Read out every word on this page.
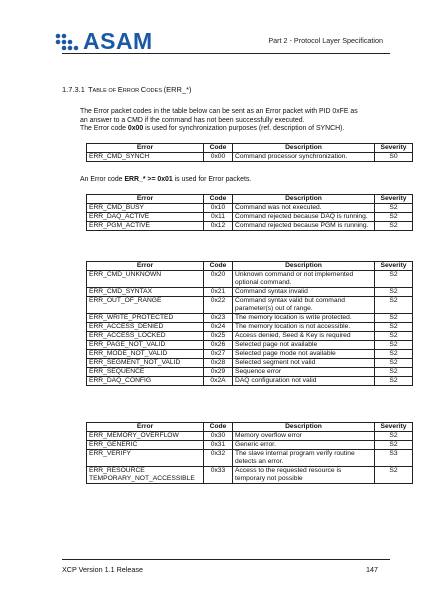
ASAM	Part 2 - Protocol Layer Specification
1.7.3.1 TABLE OF ERROR CODES (ERR_*)
The Error packet codes in the table below can be sent as an Error packet with PID 0xFE as
an answer to a CMD if the command has not been successfully executed.
The Error code 0x00 is used for synchronization purposes (ref. description of SYNCH).
Error	Code	Description	Severity
ERR_CMD_SYNCH	0x00	Command processor synchronization.	S0
An Error code ERR_* >= 0x01 is used for Error packets.
Error	Code	Description	Severity
ERR_CMD_BUSY	0x10	Command was not executed.	S2
ERR_DAQ_ACTIVE	0x11	Command rejected because DAQ is running.	S2
ERR_PGM_ACTIVE	0x12	Command rejected because PGM is running.	S2
Error	Code	Description	Severity
ERR_CMD_UNKNOWN	0x20	Unknown command or not implemented optional command.	S2
ERR_CMD_SYNTAX	0x21	Command syntax invalid	S2
ERR_OUT_OF_RANGE	0x22	Command syntax valid but command parameter(s) out of range.	S2
ERR_WRITE_PROTECTED	0x23	The memory location is write protected.	S2
ERR_ACCESS_DENIED	0x24	The memory location is not accessible.	S2
ERR_ACCESS_LOCKED	0x25	Access denied, Seed & Key is required	S2
ERR_PAGE_NOT_VALID	0x26	Selected page not available	S2
ERR_MODE_NOT_VALID	0x27	Selected page mode not available	S2
ERR_SEGMENT_NOT_VALID	0x28	Selected segment not valid	S2
ERR_SEQUENCE	0x29	Sequence error	S2
ERR_DAQ_CONFIG	0x2A	DAQ configuration not valid	S2
Error	Code	Description	Severity
ERR_MEMORY_OVERFLOW	0x30	Memory overflow error	S2
ERR_GENERIC	0x31	Generic error.	S2
ERR_VERIFY	0x32	The slave internal program verify routine detects an error.	S3
ERR_RESOURCE TEMPORARY_NOT_ACCESSIBLE	0x33	Access to the requested resource is temporary not possible	S2
XCP Version 1.1 Release	147
